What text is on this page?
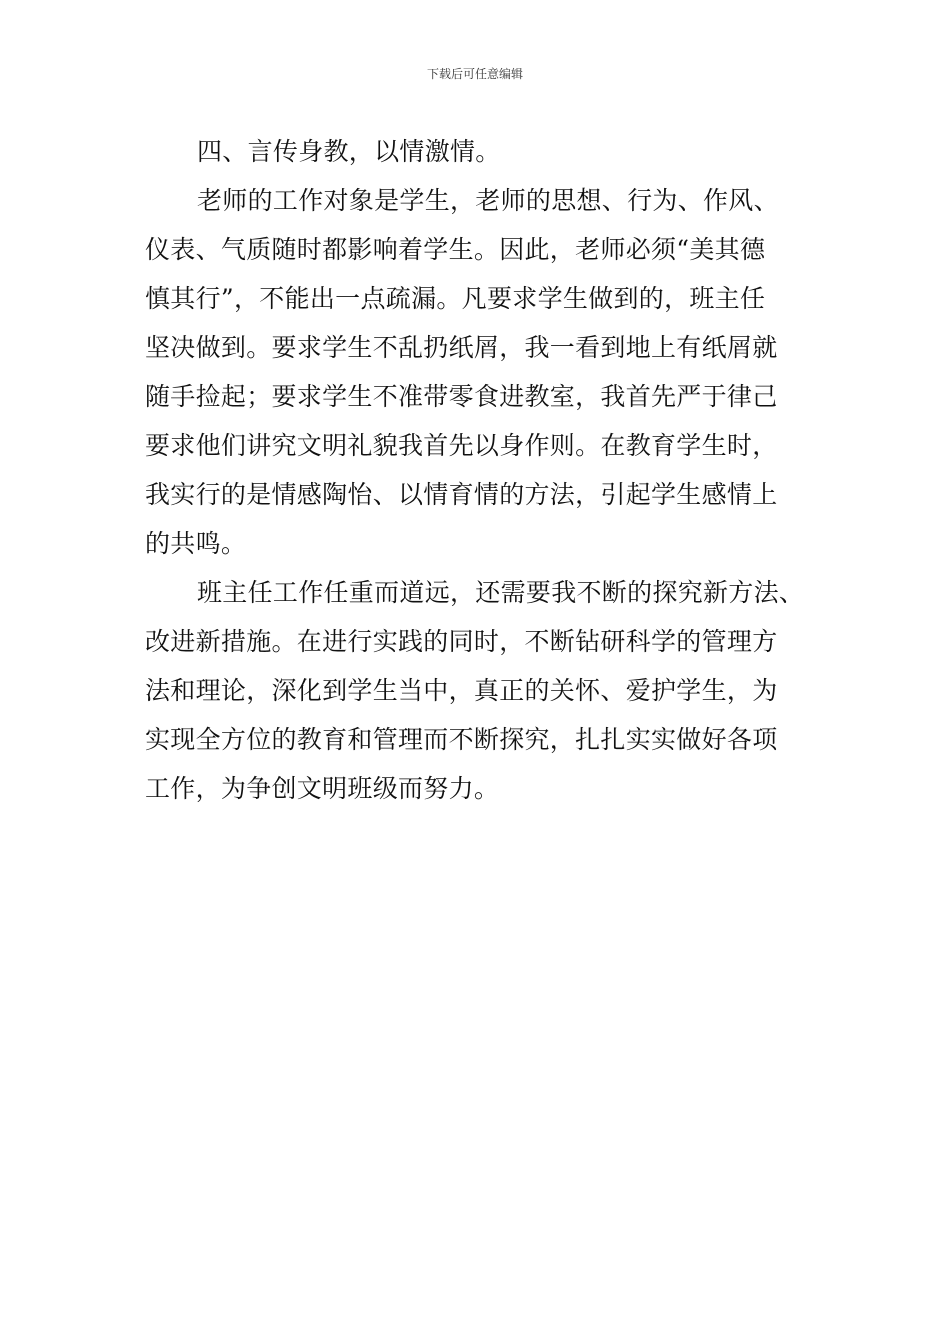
下载后可任意编辑
四、言传身教，以情激情。
老师的工作对象是学生，老师的思想、行为、作风、
仪表、气质随时都影响着学生。因此，老师必须“美其德
慎其行”，不能出一点疏漏。凡要求学生做到的，班主任
坚决做到。要求学生不乱扔纸屑，我一看到地上有纸屑就
随手捡起；要求学生不准带零食进教室，我首先严于律己
要求他们讲究文明礼貌我首先以身作则。在教育学生时，
我实行的是情感陶怡、以情育情的方法，引起学生感情上
的共鸣。
班主任工作任重而道远，还需要我不断的探究新方法、
改进新措施。在进行实践的同时，不断钻研科学的管理方
法和理论，深化到学生当中，真正的关怀、爱护学生，为
实现全方位的教育和管理而不断探究，扎扎实实做好各项
工作，为争创文明班级而努力。
